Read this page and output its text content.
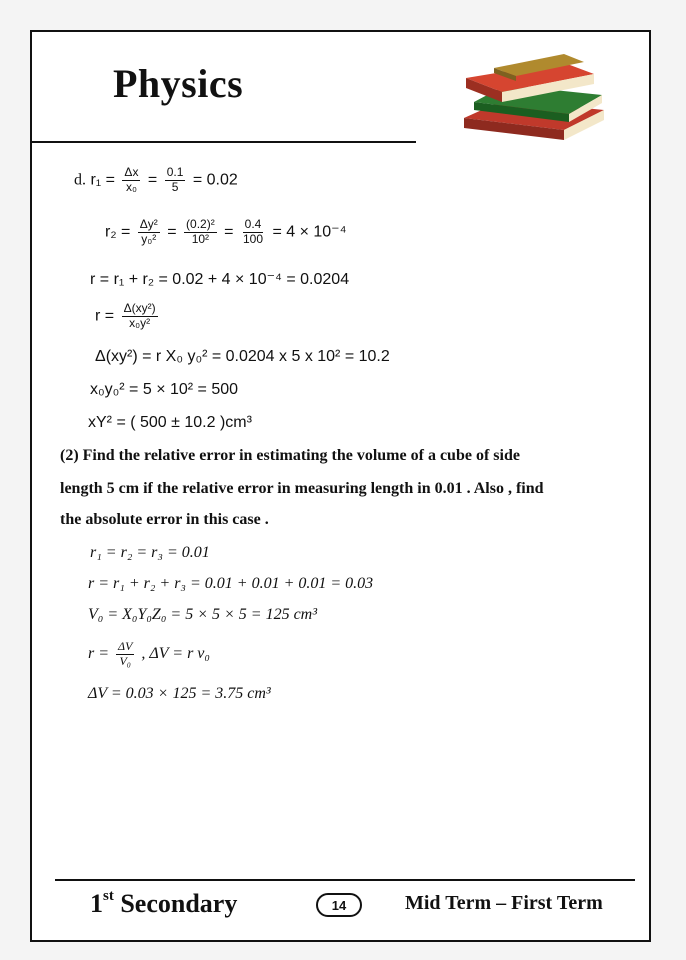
Physics
d. $r_1 = \frac{\Delta x}{\text{x₀}} = \frac{0.1}{5} = 0.02$
$r_2 = \frac{\text{Δy²}}{\text{y₀²}} = \frac{\text{(0.2)²}}{\text{10²}} = \frac{0.4}{100} = 4 \times 10^{-4}$
r = r₁ + r₂ = 0.02 + 4 × 10⁻⁴ = 0.0204
$r = \frac{\text{Δ(xy²)}}{\text{x₀y²}}$
Δ(xy²) = r X₀ y₀² = 0.0204 x 5 x 10² = 10.2
x₀y₀² = 5 × 10² = 500
xY² = ( 500 ± 10.2 )cm³
(2) Find the relative error in estimating the volume of a cube of side
length 5 cm if the relative error in measuring length in 0.01 . Also , find
the absolute error in this case .
r₁ = r₂ = r₃ = 0.01
r = r₁ + r₂ + r₃ = 0.01 + 0.01 + 0.01 = 0.03
V₀ = X₀Y₀Z₀ = 5 × 5 × 5 = 125 cm³
$r = \frac{\Delta V}{\text{V₀}}$ , ΔV = r v₀
ΔV = 0.03 × 125 = 3.75 cm³
1st Secondary	14	Mid Term – First Term
